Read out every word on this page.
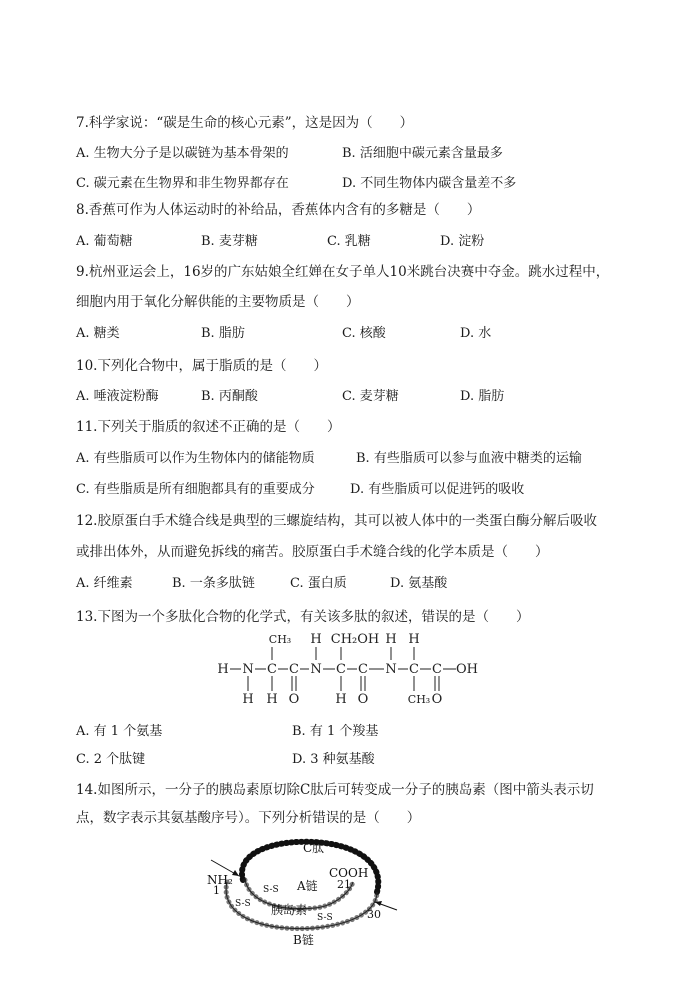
7.科学家说：“碳是生命的核心元素”，这是因为（　　）
A. 生物大分子是以碳链为基本骨架的	B. 活细胞中碳元素含量最多
C. 碳元素在生物界和非生物界都存在	D. 不同生物体内碳含量差不多
8.香蕉可作为人体运动时的补给品，香蕉体内含有的多糖是（　　）
A. 葡萄糖	B. 麦芽糖	C. 乳糖	D. 淀粉
9.杭州亚运会上，16岁的广东姑娘全红婵在女子单人10米跳台决赛中夺金。跳水过程中，
细胞内用于氧化分解供能的主要物质是（　　）
A. 糖类	B. 脂肪	C. 核酸	D. 水
10.下列化合物中，属于脂质的是（　　）
A. 唾液淀粉酶	B. 丙酮酸	C. 麦芽糖	D. 脂肪
11.下列关于脂质的叙述不正确的是（　　）
A. 有些脂质可以作为生物体内的储能物质	B. 有些脂质可以参与血液中糖类的运输
C. 有些脂质是所有细胞都具有的重要成分	D. 有些脂质可以促进钙的吸收
12.胶原蛋白手术缝合线是典型的三螺旋结构，其可以被人体中的一类蛋白酶分解后吸收
或排出体外，从而避免拆线的痛苦。胶原蛋白手术缝合线的化学本质是（　　）
A. 纤维素	B. 一条多肽链	C. 蛋白质	D. 氨基酸
13.下图为一个多肽化合物的化学式，有关该多肽的叙述，错误的是（　　）
H N C C N C C N C C OH
CH₃ H CH₂OH H H
H H O	H O	O
CH₃
A. 有 1 个氨基	B. 有 1 个羧基
C. 2 个肽键	D. 3 种氨基酸
14.如图所示，一分子的胰岛素原切除C肽后可转变成一分子的胰岛素（图中箭头表示切
点，数字表示其氨基酸序号）。下列分析错误的是（　　）
C肽
NH₂ 1
1
COOH
21
A链
胰岛素	30
B链
S-S
S-S
S-S
